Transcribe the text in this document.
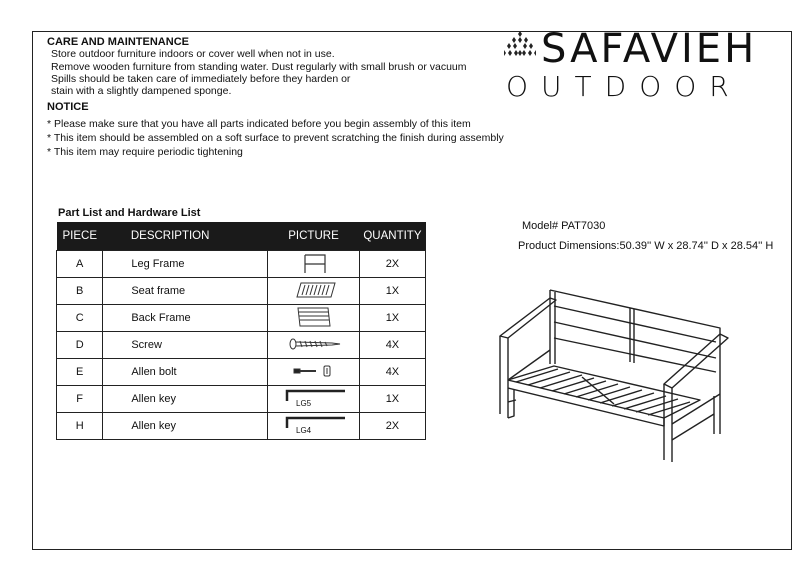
CARE AND MAINTENANCE
Store outdoor furniture indoors or cover well when not in use.
Remove wooden furniture from standing water. Dust regularly with small brush or vacuum
Spills should be taken care of immediately before they harden or
stain with a slightly dampened sponge.
NOTICE
* Please make sure that you have all parts indicated before you begin assembly of this item
* This item should be assembled on a soft surface to prevent scratching the finish during assembly
* This item may require periodic tightening
SAFAVIEH
OUTDOOR
Part List and Hardware List
PIECE	DESCRIPTION	PICTURE	QUANTITY
A	Leg Frame		2X
B	Seat frame		1X
C	Back Frame		1X
D	Screw		4X
E	Allen bolt		4X
F	Allen key	LG5	1X
H	Allen key	LG4	2X
Model# PAT7030
Product Dimensions:50.39'' W x 28.74'' D x 28.54'' H
